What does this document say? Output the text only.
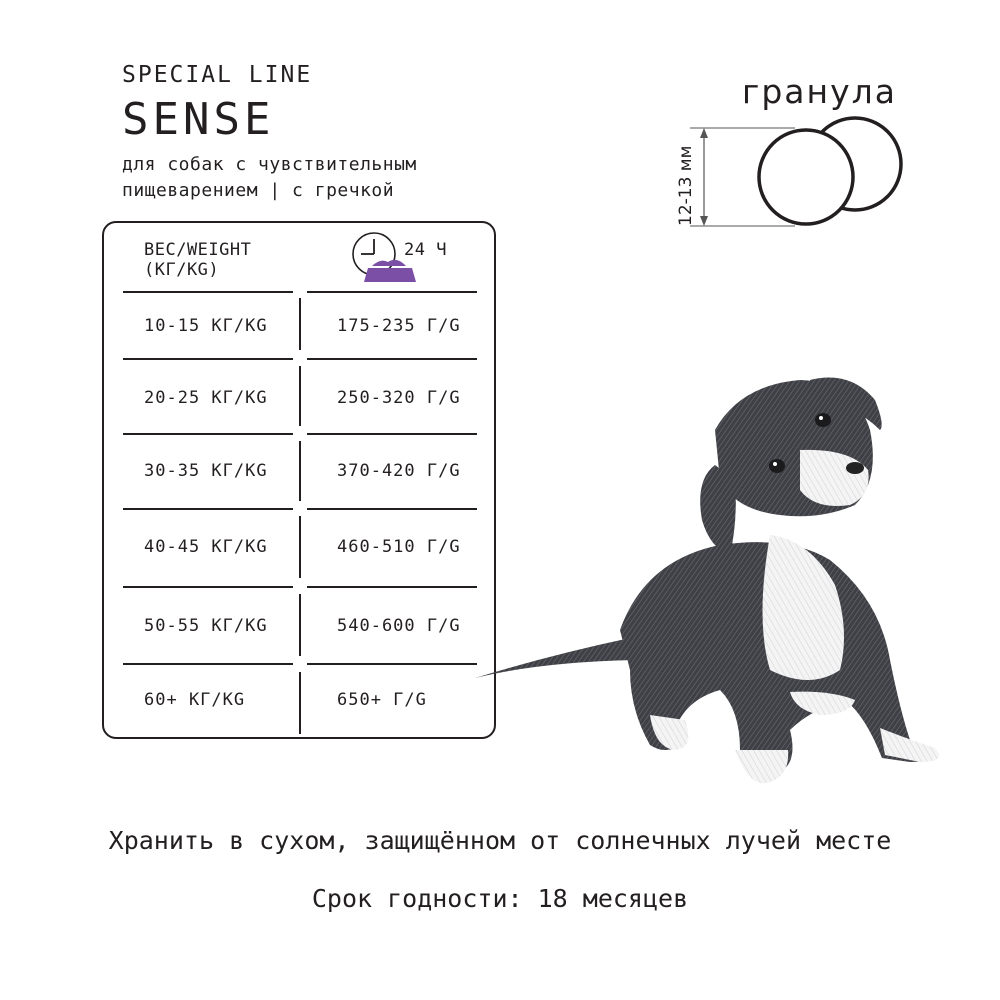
SPECIAL LINE
SENSE
для собак с чувствительным
пищеварением | с гречкой
ВЕС/WEIGHT
(КГ/KG)
24 Ч
10-15 КГ/KG	175-235 Г/G
20-25 КГ/KG	250-320 Г/G
30-35 КГ/KG	370-420 Г/G
40-45 КГ/KG	460-510 Г/G
50-55 КГ/KG	540-600 Г/G
60+ КГ/KG	650+ Г/G
гранула
12-13 мм
Хранить в сухом, защищённом от солнечных лучей месте
Срок годности: 18 месяцев
